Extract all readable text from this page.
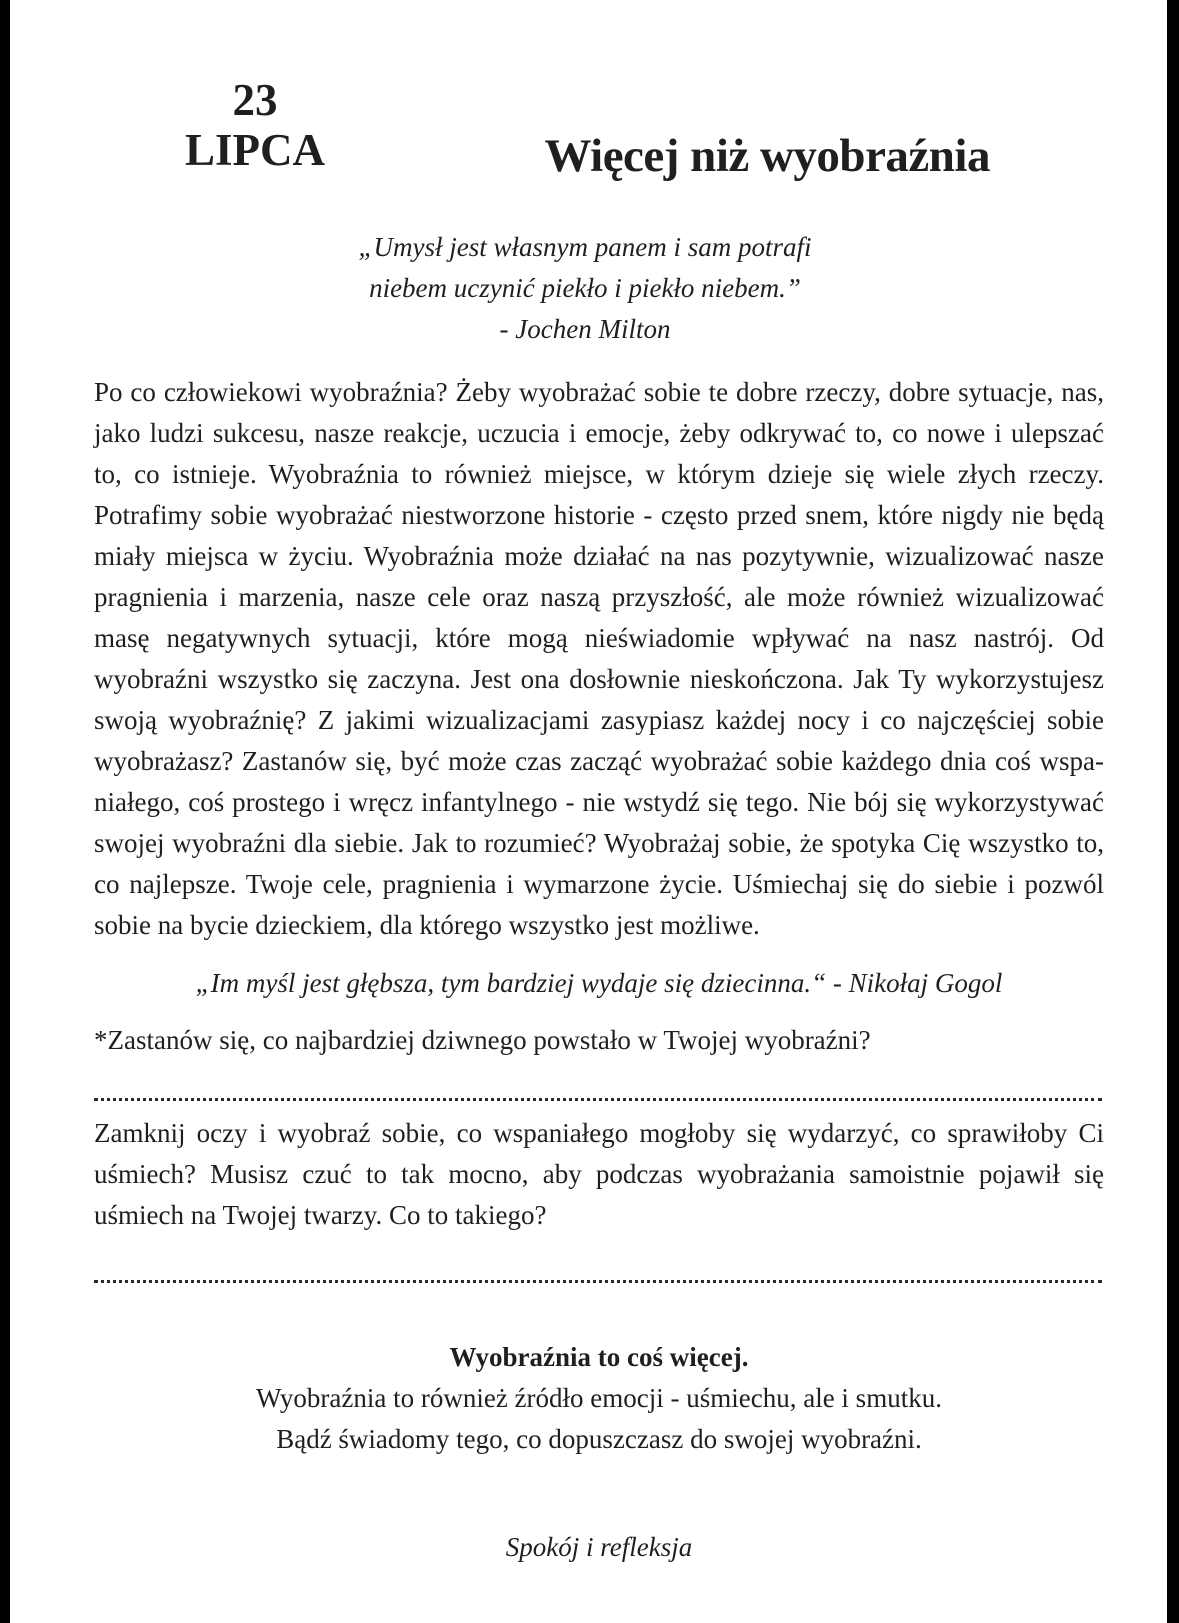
23
LIPCA	Więcej niż wyobraźnia
„Umysł jest własnym panem i sam potrafi
niebem uczynić piekło i piekło niebem.”
- Jochen Milton
Po co człowiekowi wyobraźnia? Żeby wyobrażać sobie te dobre rzeczy, dobre sytuacje, nas, jako ludzi sukcesu, nasze reakcje, uczucia i emocje, żeby odkrywać to, co nowe i ulepszać to, co istnieje. Wyobraźnia to również miejsce, w którym dzieje się wiele złych rzeczy. Potrafimy sobie wyobrażać niestworzone historie - często przed snem, które nigdy nie będą miały miejsca w życiu. Wyobraźnia może działać na nas pozytywnie, wizualizować nasze pragnienia i marzenia, nasze cele oraz naszą przyszłość, ale może również wizualizować masę negatywnych sytuacji, które mogą nieświadomie wpływać na nasz nastrój. Od wyobraźni wszystko się zaczyna. Jest ona dosłownie nieskończona. Jak Ty wykorzystujesz swoją wyobraźnię? Z jakimi wizualizacjami zasypiasz każdej nocy i co najczęściej sobie wyobrażasz? Zastanów się, być może czas zacząć wyobrażać sobie każdego dnia coś wspaniałego, coś prostego i wręcz infantylnego - nie wstydź się tego. Nie bój się wykorzystywać swojej wyobraźni dla siebie. Jak to rozumieć? Wyobrażaj sobie, że spotyka Cię wszystko to, co najlepsze. Twoje cele, pragnienia i wymarzone życie. Uśmiechaj się do siebie i pozwól sobie na bycie dzieckiem, dla którego wszystko jest możliwe.
„Im myśl jest głębsza, tym bardziej wydaje się dziecinna.“ - Nikołaj Gogol
*Zastanów się, co najbardziej dziwnego powstało w Twojej wyobraźni?
Zamknij oczy i wyobraź sobie, co wspaniałego mogłoby się wydarzyć, co sprawiłoby Ci uśmiech? Musisz czuć to tak mocno, aby podczas wyobrażania samoistnie pojawił się uśmiech na Twojej twarzy. Co to takiego?
Wyobraźnia to coś więcej.
Wyobraźnia to również źródło emocji - uśmiechu, ale i smutku.
Bądź świadomy tego, co dopuszczasz do swojej wyobraźni.
Spokój i refleksja
